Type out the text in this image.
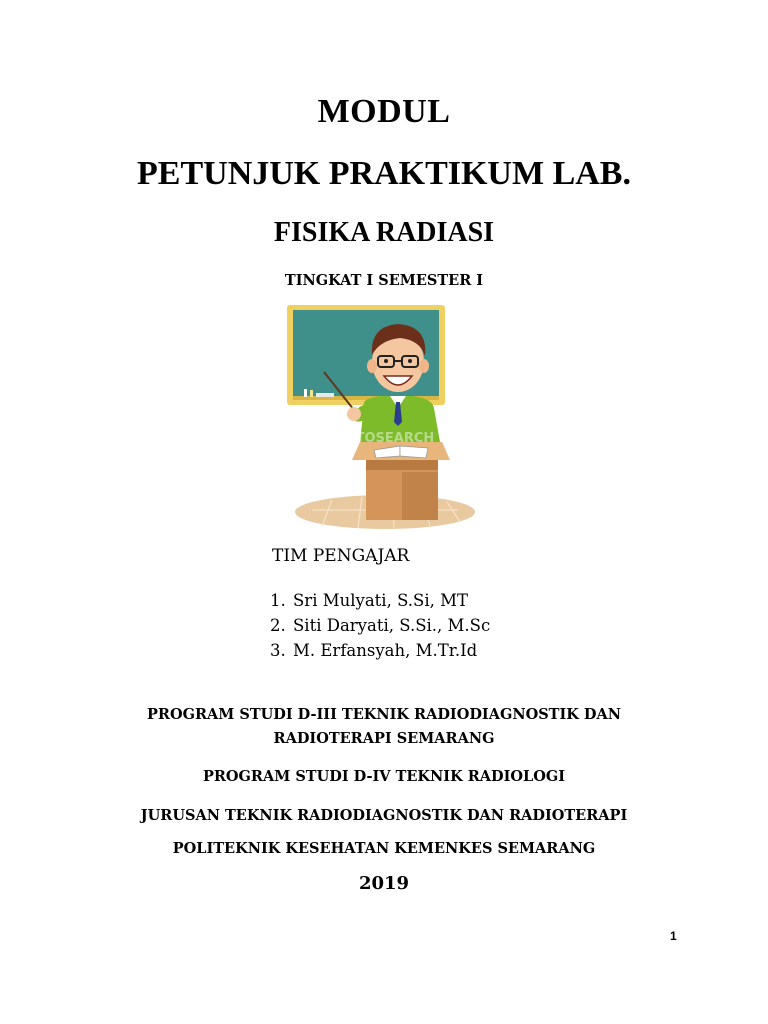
MODUL
PETUNJUK PRAKTIKUM LAB.
FISIKA RADIASI
TINGKAT I SEMESTER I
FOTOSEARCH
TIM PENGAJAR
1. Sri Mulyati, S.Si, MT
2. Siti Daryati, S.Si., M.Sc
3. M. Erfansyah, M.Tr.Id
PROGRAM STUDI D-III TEKNIK RADIODIAGNOSTIK DAN
RADIOTERAPI SEMARANG
PROGRAM STUDI D-IV TEKNIK RADIOLOGI
JURUSAN TEKNIK RADIODIAGNOSTIK DAN RADIOTERAPI
POLITEKNIK KESEHATAN KEMENKES SEMARANG
2019
1
